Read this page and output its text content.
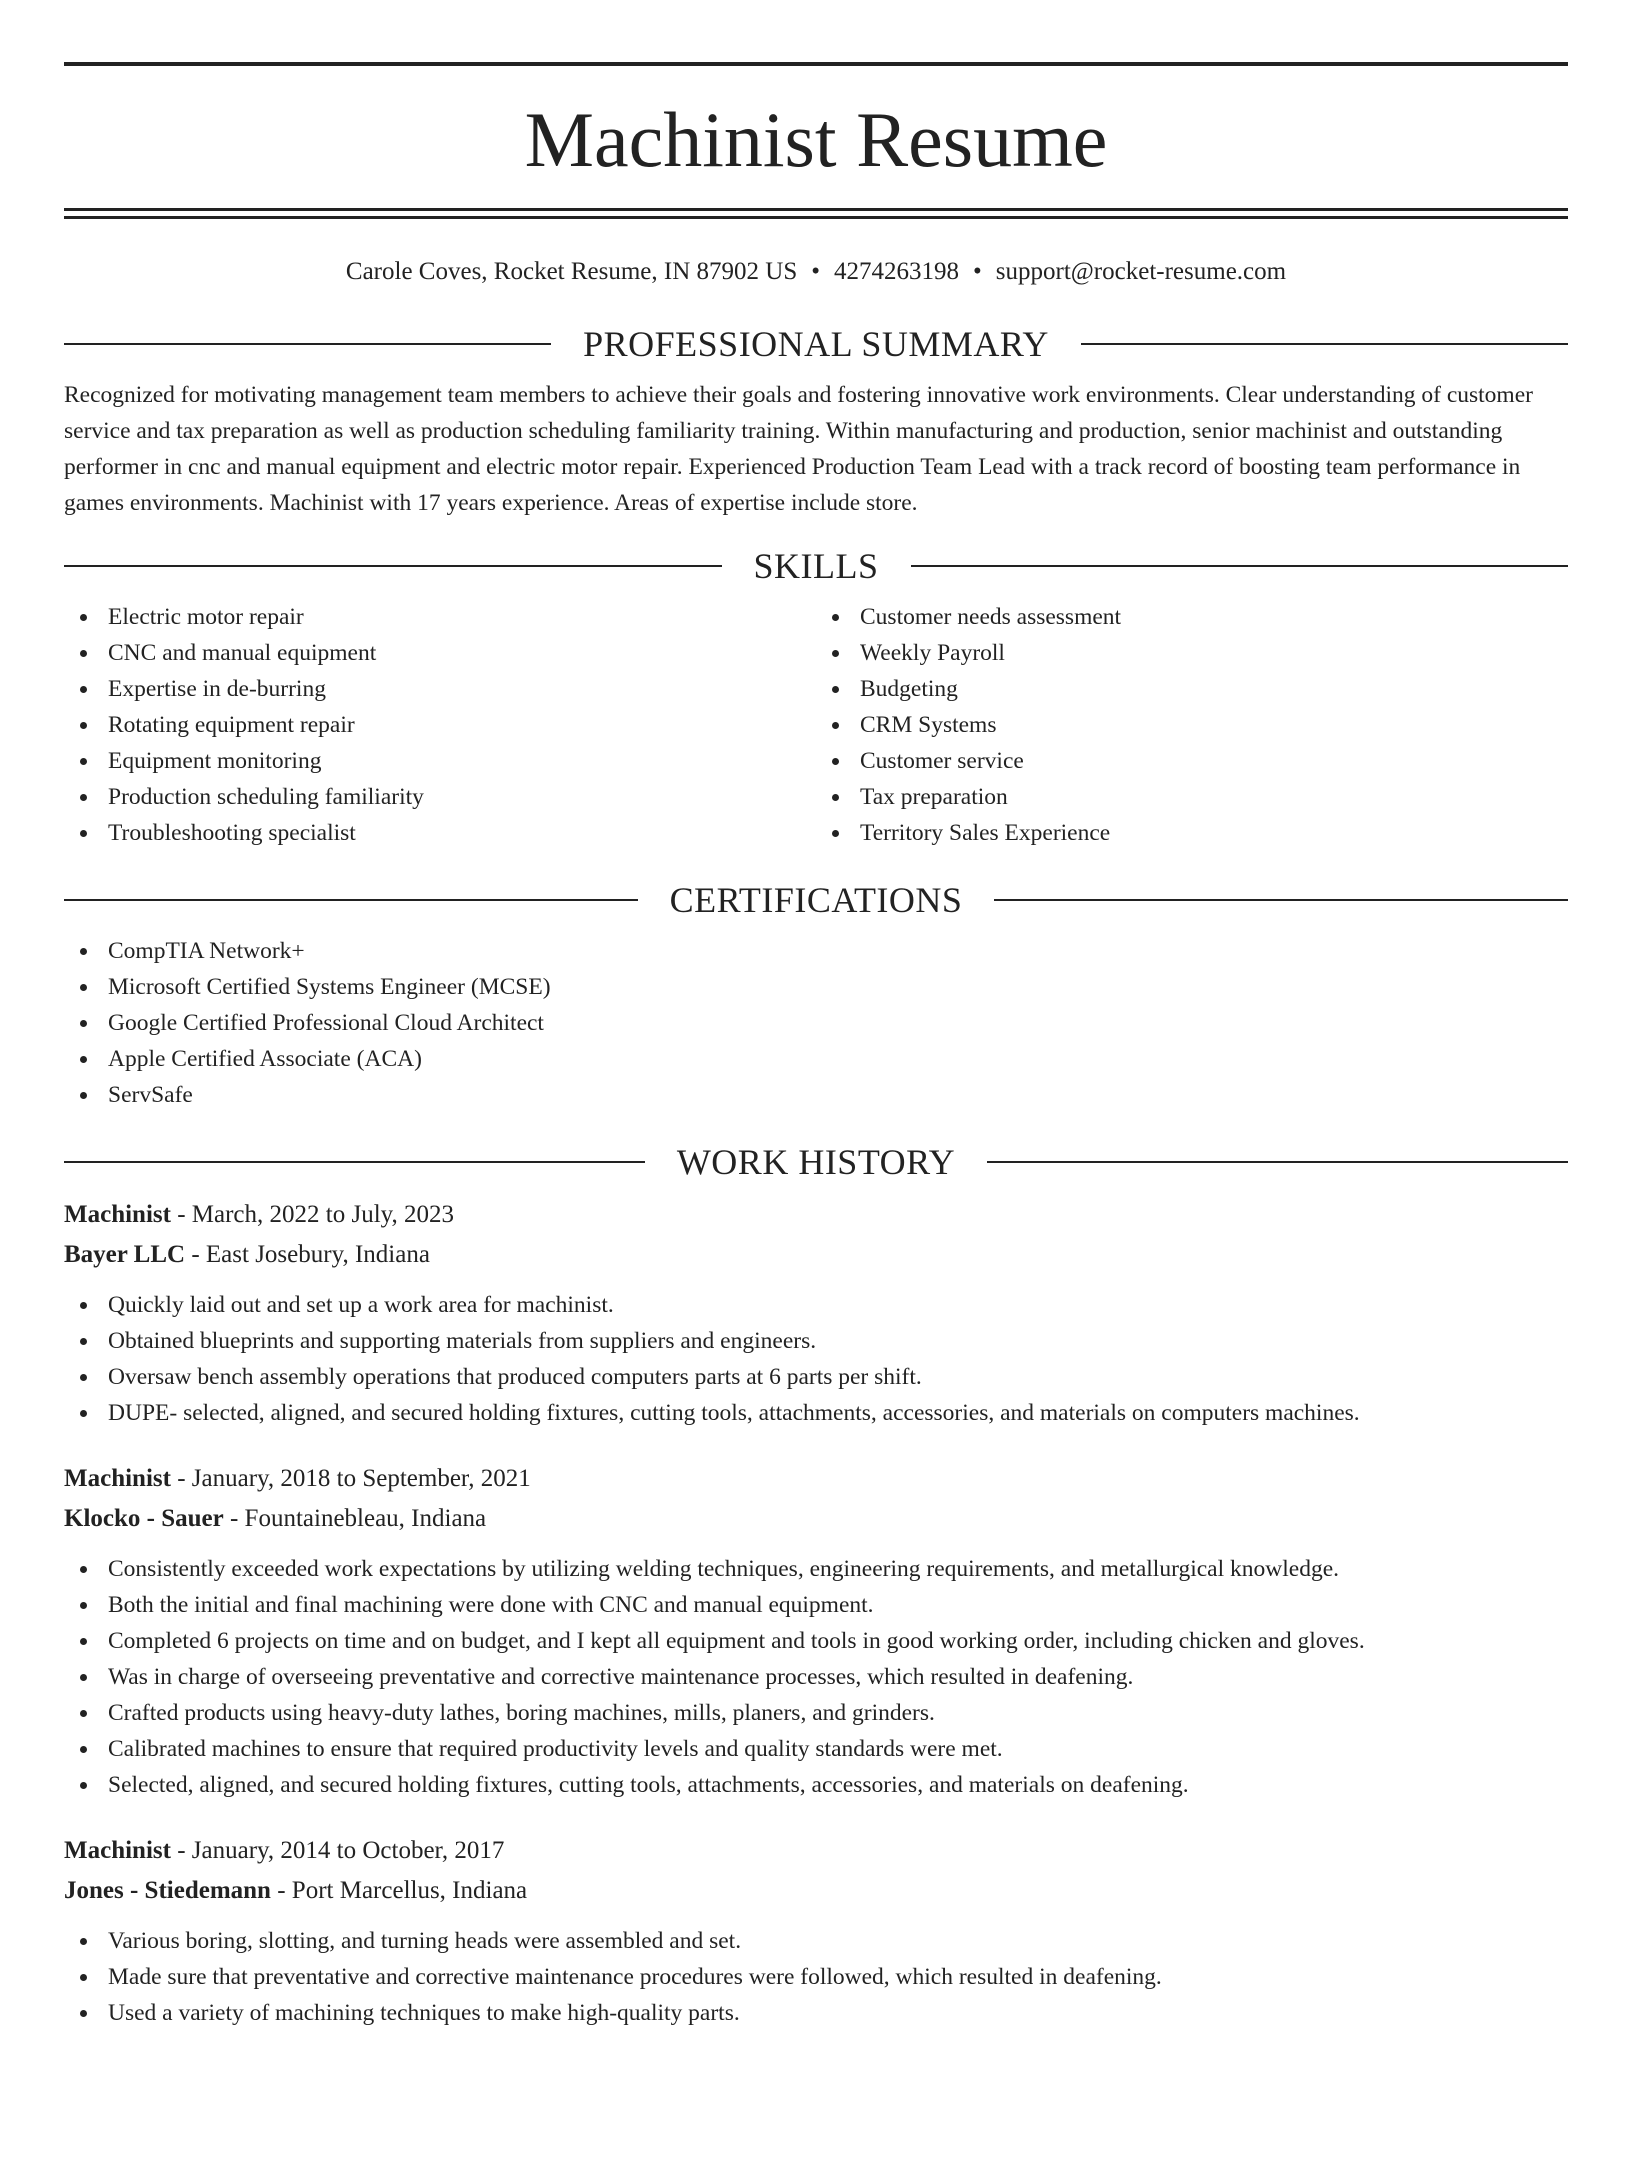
Machinist Resume
Carole Coves, Rocket Resume, IN 87902 US • 4274263198 • support@rocket-resume.com
PROFESSIONAL SUMMARY

Recognized for motivating management team members to achieve their goals and fostering innovative work environments. Clear understanding of customer service and tax preparation as well as production scheduling familiarity training. Within manufacturing and production, senior machinist and outstanding performer in cnc and manual equipment and electric motor repair. Experienced Production Team Lead with a track record of boosting team performance in games environments. Machinist with 17 years experience. Areas of expertise include store.

SKILLS
Electric motor repair
CNC and manual equipment
Expertise in de-burring
Rotating equipment repair
Equipment monitoring
Production scheduling familiarity
Troubleshooting specialist
Customer needs assessment
Weekly Payroll
Budgeting
CRM Systems
Customer service
Tax preparation
Territory Sales Experience
CERTIFICATIONS
CompTIA Network+
Microsoft Certified Systems Engineer (MCSE)
Google Certified Professional Cloud Architect
Apple Certified Associate (ACA)
ServSafe
WORK HISTORY
Machinist - March, 2022 to July, 2023
Bayer LLC - East Josebury, Indiana
Quickly laid out and set up a work area for machinist.
Obtained blueprints and supporting materials from suppliers and engineers.
Oversaw bench assembly operations that produced computers parts at 6 parts per shift.
DUPE- selected, aligned, and secured holding fixtures, cutting tools, attachments, accessories, and materials on computers machines.
Machinist - January, 2018 to September, 2021
Klocko - Sauer - Fountainebleau, Indiana
Consistently exceeded work expectations by utilizing welding techniques, engineering requirements, and metallurgical knowledge.
Both the initial and final machining were done with CNC and manual equipment.
Completed 6 projects on time and on budget, and I kept all equipment and tools in good working order, including chicken and gloves.
Was in charge of overseeing preventative and corrective maintenance processes, which resulted in deafening.
Crafted products using heavy-duty lathes, boring machines, mills, planers, and grinders.
Calibrated machines to ensure that required productivity levels and quality standards were met.
Selected, aligned, and secured holding fixtures, cutting tools, attachments, accessories, and materials on deafening.
Machinist - January, 2014 to October, 2017
Jones - Stiedemann - Port Marcellus, Indiana
Various boring, slotting, and turning heads were assembled and set.
Made sure that preventative and corrective maintenance procedures were followed, which resulted in deafening.
Used a variety of machining techniques to make high-quality parts.
